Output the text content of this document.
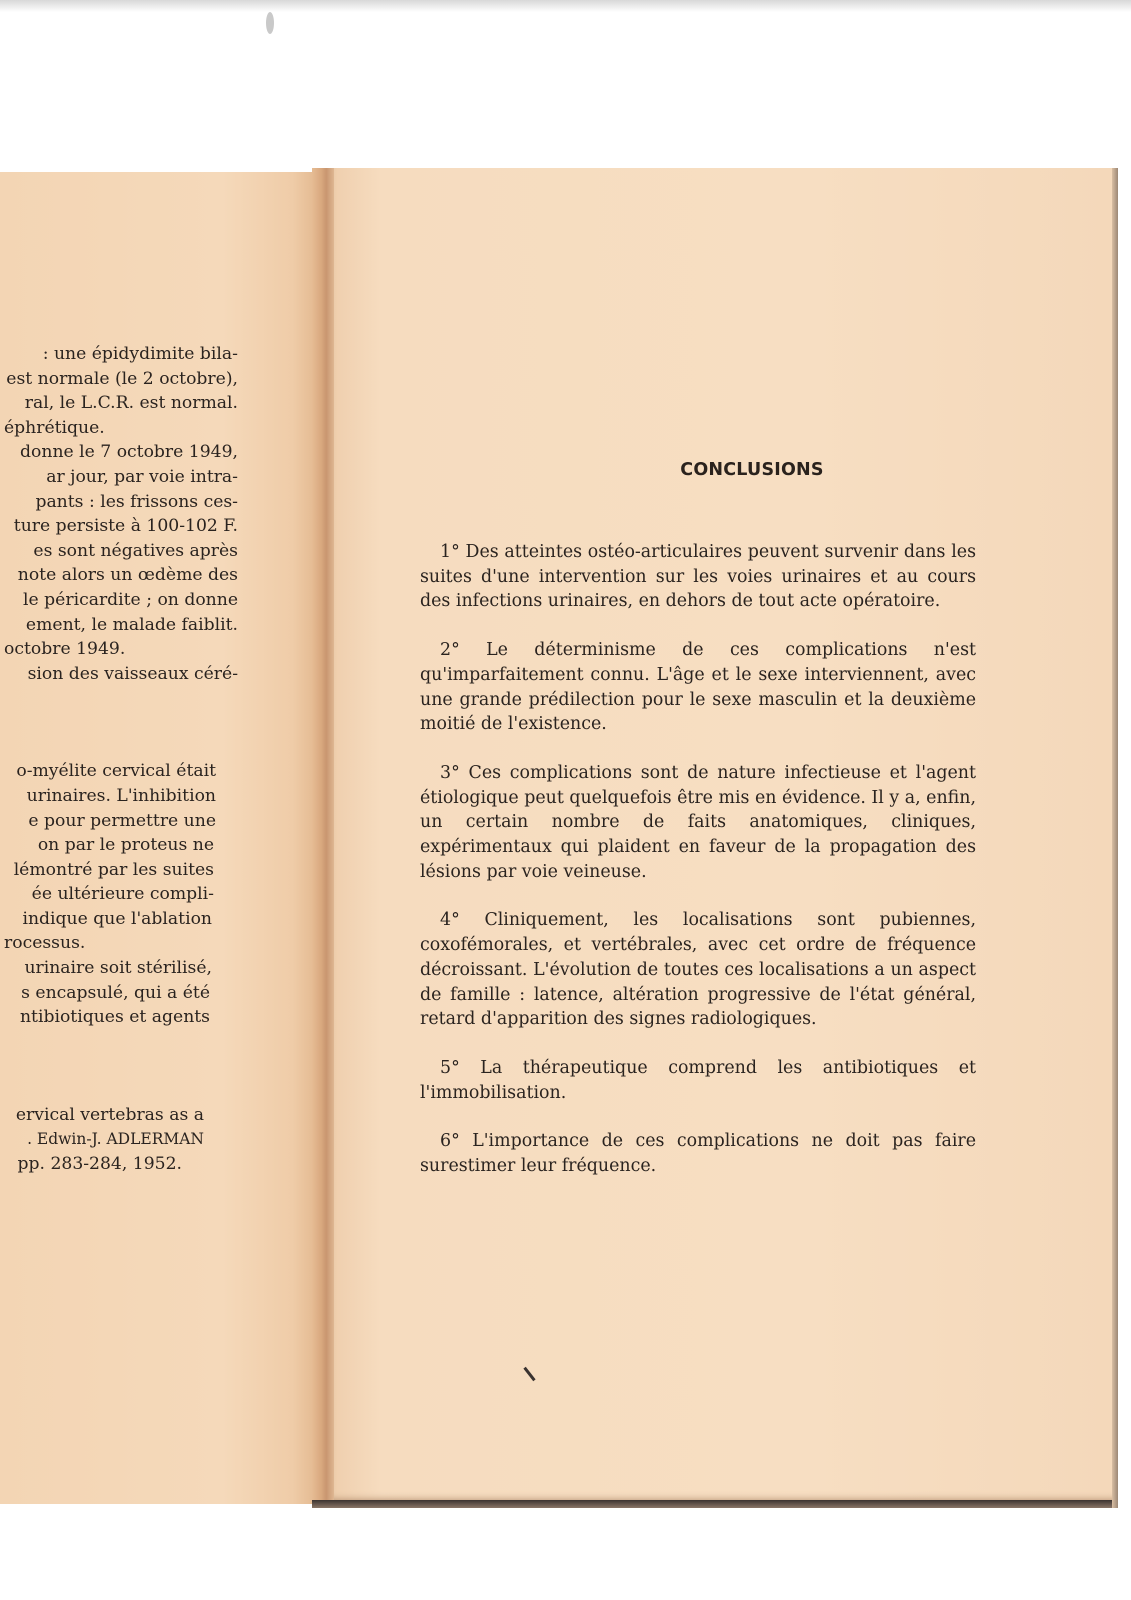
: une épidydimite bila-
est normale (le 2 octobre),
ral, le L.C.R. est normal.
éphrétique.
donne le 7 octobre 1949,
ar jour, par voie intra-
pants : les frissons ces-
ture persiste à 100-102 F.
es sont négatives après
note alors un œdème des
le péricardite ; on donne
ement, le malade faiblit.
octobre 1949.
sion des vaisseaux céré-
o-myélite cervical était
urinaires. L'inhibition
e pour permettre une
on par le proteus ne
lémontré par les suites
ée ultérieure compli-
indique que l'ablation
rocessus.
urinaire soit stérilisé,
s encapsulé, qui a été
ntibiotiques et agents
ervical vertebras as a
. Edwin-J. ADLERMAN
pp. 283-284, 1952.
CONCLUSIONS

1° Des atteintes ostéo-articulaires peuvent survenir dans les suites d'une intervention sur les voies urinaires et au cours des infections urinaires, en dehors de tout acte opératoire.

2° Le déterminisme de ces complications n'est qu'imparfaitement connu. L'âge et le sexe interviennent, avec une grande prédilection pour le sexe masculin et la deuxième moitié de l'existence.

3° Ces complications sont de nature infectieuse et l'agent étiologique peut quelquefois être mis en évidence. Il y a, enfin, un certain nombre de faits anatomiques, cliniques, expérimentaux qui plaident en faveur de la propagation des lésions par voie veineuse.

4° Cliniquement, les localisations sont pubiennes, coxofémorales, et vertébrales, avec cet ordre de fréquence décroissant. L'évolution de toutes ces localisations a un aspect de famille : latence, altération progressive de l'état général, retard d'apparition des signes radiologiques.

5° La thérapeutique comprend les antibiotiques et l'immobilisation.

6° L'importance de ces complications ne doit pas faire surestimer leur fréquence.
